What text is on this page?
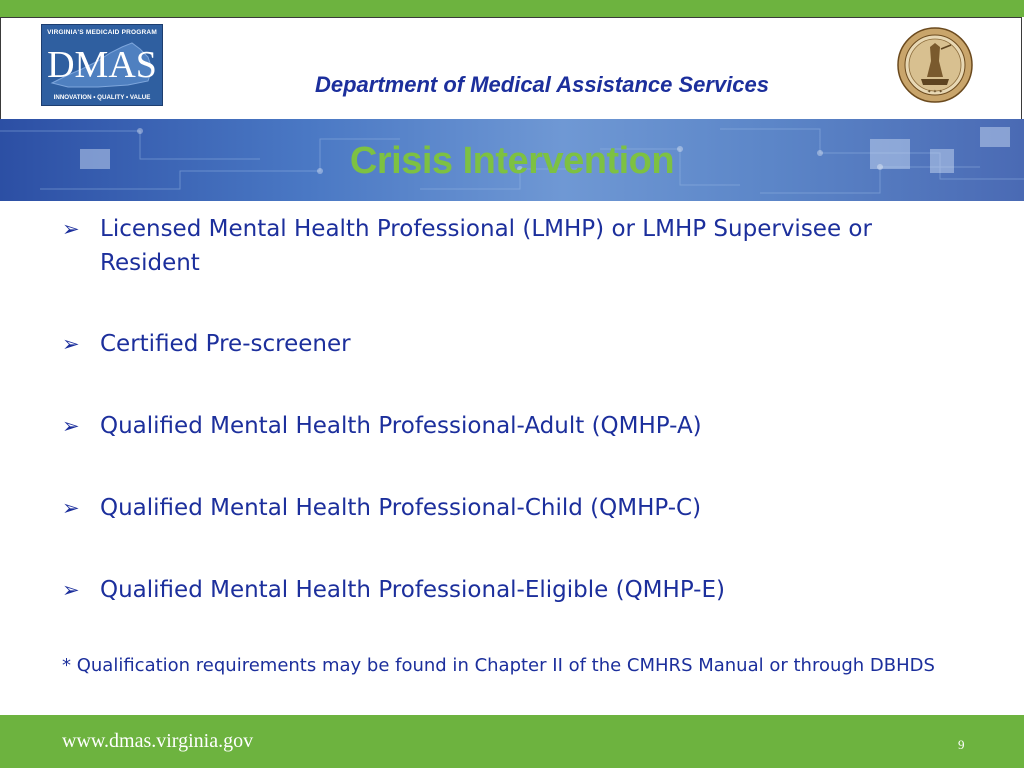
VIRGINIA'S MEDICAID PROGRAM
DMAS
INNOVATION • QUALITY • VALUE
Department of Medical Assistance Services	✦ ✦ ✦
Crisis Intervention
➢ Licensed Mental Health Professional (LMHP) or LMHP Supervisee or Resident
➢ Certified Pre-screener
➢ Qualified Mental Health Professional-Adult (QMHP-A)
➢ Qualified Mental Health Professional-Child (QMHP-C)
➢ Qualified Mental Health Professional-Eligible (QMHP-E)
* Qualification requirements may be found in Chapter II of the CMHRS Manual or through DBHDS
www.dmas.virginia.gov	9
